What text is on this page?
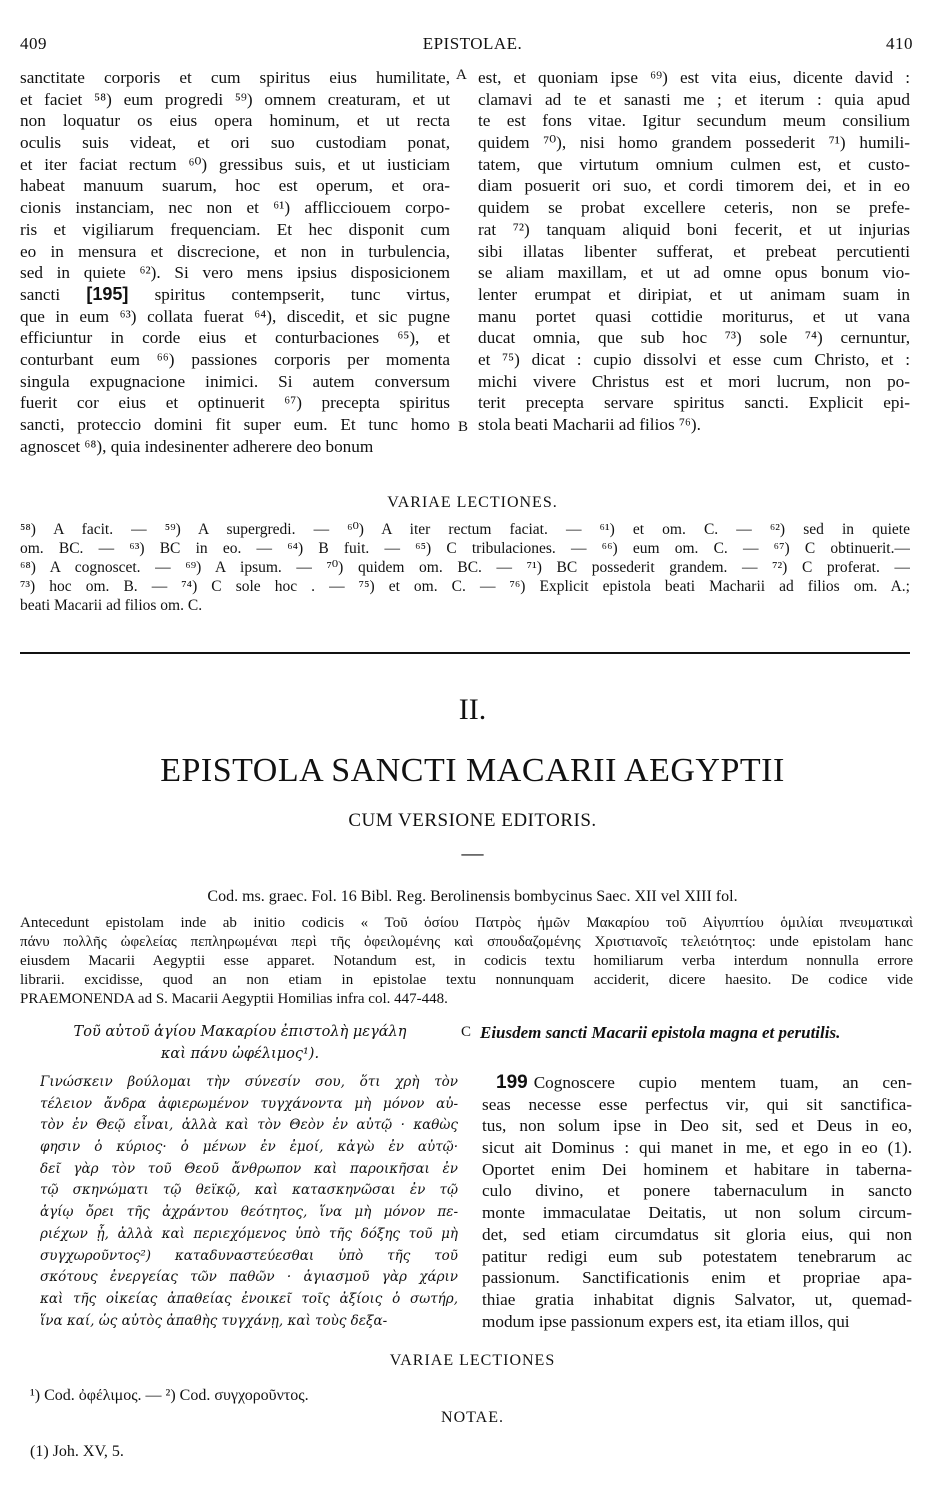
409	EPISTOLAE.	410
sanctitate corporis et cum spiritus eius humilitate,
et faciet ⁵⁸) eum progredi ⁵⁹) omnem creaturam, et ut
non loquatur os eius opera hominum, et ut recta
oculis suis videat, et ori suo custodiam ponat,
et iter faciat rectum ⁶⁰) gressibus suis, et ut iusticiam
habeat manuum suarum, hoc est operum, et ora-
cionis instanciam, nec non et ⁶¹) afflicciouem corpo-
ris et vigiliarum frequenciam. Et hec disponit cum
eo in mensura et discrecione, et non in turbulencia,
sed in quiete ⁶²). Si vero mens ipsius disposicionem
sancti [195] spiritus contempserit, tunc virtus,
que in eum ⁶³) collata fuerat ⁶⁴), discedit, et sic pugne
efficiuntur in corde eius et conturbaciones ⁶⁵), et
conturbant eum ⁶⁶) passiones corporis per momenta
singula expugnacione inimici. Si autem conversum
fuerit cor eius et optinuerit ⁶⁷) precepta spiritus
sancti, proteccio domini fit super eum. Et tunc homo
agnoscet ⁶⁸), quia indesinenter adherere deo bonum
A est, et quoniam ipse ⁶⁹) est vita eius, dicente david :
clamavi ad te et sanasti me ; et iterum : quia apud
te est fons vitae. Igitur secundum meum consilium
quidem ⁷⁰), nisi homo grandem possederit ⁷¹) humili-
tatem, que virtutum omnium culmen est, et custo-
diam posuerit ori suo, et cordi timorem dei, et in eo
quidem se probat excellere ceteris, non se prefe-
rat ⁷²) tanquam aliquid boni fecerit, et ut injurias
sibi illatas libenter sufferat, et prebeat percutienti
se aliam maxillam, et ut ad omne opus bonum vio-
lenter erumpat et diripiat, et ut animam suam in
manu portet quasi cottidie moriturus, et ut vana
ducat omnia, que sub hoc ⁷³) sole ⁷⁴) cernuntur,
et ⁷⁵) dicat : cupio dissolvi et esse cum Christo, et :
michi vivere Christus est et mori lucrum, non po-
terit precepta servare spiritus sancti. Explicit epi-
stola beati Macharii ad filios ⁷⁶).
B
VARIAE LECTIONES.
⁵⁸) A facit. — ⁵⁹) A supergredi. — ⁶⁰) A iter rectum faciat. — ⁶¹) et om. C. — ⁶²) sed in quiete
om. BC. — ⁶³) BC in eo. — ⁶⁴) B fuit. — ⁶⁵) C tribulaciones. — ⁶⁶) eum om. C. — ⁶⁷) C obtinuerit.—
⁶⁸) A cognoscet. — ⁶⁹) A ipsum. — ⁷⁰) quidem om. BC. — ⁷¹) BC possederit grandem. — ⁷²) C proferat. —
⁷³) hoc om. B. — ⁷⁴) C sole hoc . — ⁷⁵) et om. C. — ⁷⁶) Explicit epistola beati Macharii ad filios om. A.;
beati Macarii ad filios om. C.
II.
EPISTOLA SANCTI MACARII AEGYPTII
CUM VERSIONE EDITORIS.
—
Cod. ms. graec. Fol. 16 Bibl. Reg. Berolinensis bombycinus Saec. XII vel XIII fol.
Antecedunt epistolam inde ab initio codicis « Τοῦ ὁσίου Πατρὸς ἡμῶν Μακαρίου τοῦ Αἰγυπτίου ὁμιλίαι πνευματικαὶ
πάνυ πολλῆς ὠφελείας πεπληρωμέναι περὶ τῆς ὀφειλομένης καὶ σπουδαζομένης Χριστιανοῖς τελειότητος: unde epistolam hanc
eiusdem Macarii Aegyptii esse apparet. Notandum est, in codicis textu homiliarum verba interdum nonnulla errore
librarii. excidisse, quod an non etiam in epistolae textu nonnunquam acciderit, dicere haesito. De codice vide
PRAEMONENDA ad S. Macarii Aegyptii Homilias infra col. 447-448.
Τοῦ αὐτοῦ ἁγίου Μακαρίου ἐπιστολὴ μεγάλη
καὶ πάνυ ὠφέλιμος¹).
C Eiusdem sancti Macarii epistola magna et perutilis.
Γινώσκειν βούλομαι τὴν σύνεσίν σου, ὅτι χρὴ τὸν
τέλειον ἄνδρα ἀφιερωμένον τυγχάνοντα μὴ μόνον αὐ-
τὸν ἐν Θεῷ εἶναι, ἀλλὰ καὶ τὸν Θεὸν ἐν αὐτῷ · καθὼς
φησιν ὁ κύριος· ὁ μένων ἐν ἐμοί, κἀγὼ ἐν αὐτῷ·
δεῖ γὰρ τὸν τοῦ Θεοῦ ἄνθρωπον καὶ παροικῆσαι ἐν
τῷ σκηνώματι τῷ θεϊκῷ, καὶ κατασκηνῶσαι ἐν τῷ
ἁγίῳ ὄρει τῆς ἀχράντου θεότητος, ἵνα μὴ μόνον πε-
ριέχων ᾖ, ἀλλὰ καὶ περιεχόμενος ὑπὸ τῆς δόξης τοῦ μὴ
συγχωροῦντος²) καταδυναστεύεσθαι ὑπὸ τῆς τοῦ
σκότους ἐνεργείας τῶν παθῶν · ἁγιασμοῦ γὰρ χάριν
καὶ τῆς οἰκείας ἀπαθείας ἐνοικεῖ τοῖς ἀξίοις ὁ σωτήρ,
ἵνα καί, ὡς αὐτὸς ἀπαθὴς τυγχάνῃ, καὶ τοὺς δεξα-
199 Cognoscere cupio mentem tuam, an cen-
seas necesse esse perfectus vir, qui sit sanctifica-
tus, non solum ipse in Deo sit, sed et Deus in eo,
sicut ait Dominus : qui manet in me, et ego in eo (1).
Oportet enim Dei hominem et habitare in taberna-
culo divino, et ponere tabernaculum in sancto
monte immaculatae Deitatis, ut non solum circum-
det, sed etiam circumdatus sit gloria eius, qui non
patitur redigi eum sub potestatem tenebrarum ac
passionum. Sanctificationis enim et propriae apa-
thiae gratia inhabitat dignis Salvator, ut, quemad-
modum ipse passionum expers est, ita etiam illos, qui
VARIAE LECTIONES
¹) Cod. ὀφέλιμος. — ²) Cod. συγχοροῦντος.
NOTAE.
(1) Joh. XV, 5.
